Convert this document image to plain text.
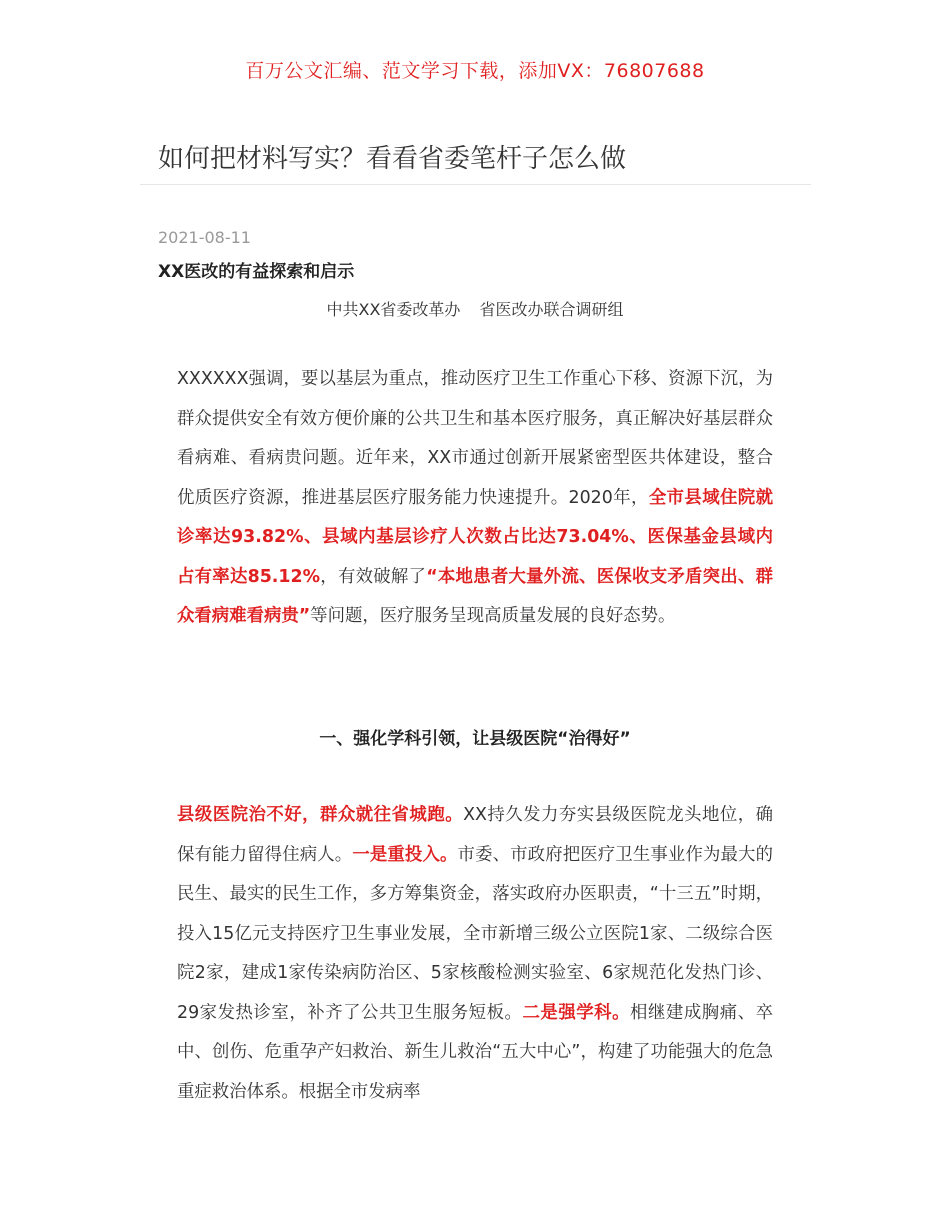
百万公文汇编、范文学习下载，添加VX：76807688
如何把材料写实？看看省委笔杆子怎么做
2021-08-11
XX医改的有益探索和启示
中共XX省委改革办 省医改办联合调研组

XXXXXX强调，要以基层为重点，推动医疗卫生工作重心下移、资源下沉，为群众提供安全有效方便价廉的公共卫生和基本医疗服务，真正解决好基层群众看病难、看病贵问题。近年来，XX市通过创新开展紧密型医共体建设，整合优质医疗资源，推进基层医疗服务能力快速提升。2020年，全市县域住院就诊率达93.82%、县域内基层诊疗人次数占比达73.04%、医保基金县域内占有率达85.12%，有效破解了“本地患者大量外流、医保收支矛盾突出、群众看病难看病贵”等问题，医疗服务呈现高质量发展的良好态势。

一、强化学科引领，让县级医院“治得好”

县级医院治不好，群众就往省城跑。XX持久发力夯实县级医院龙头地位，确保有能力留得住病人。一是重投入。市委、市政府把医疗卫生事业作为最大的民生、最实的民生工作，多方筹集资金，落实政府办医职责，“十三五”时期，投入15亿元支持医疗卫生事业发展，全市新增三级公立医院1家、二级综合医院2家，建成1家传染病防治区、5家核酸检测实验室、6家规范化发热门诊、29家发热诊室，补齐了公共卫生服务短板。二是强学科。相继建成胸痛、卒中、创伤、危重孕产妇救治、新生儿救治“五大中心”，构建了功能强大的危急重症救治体系。根据全市发病率
